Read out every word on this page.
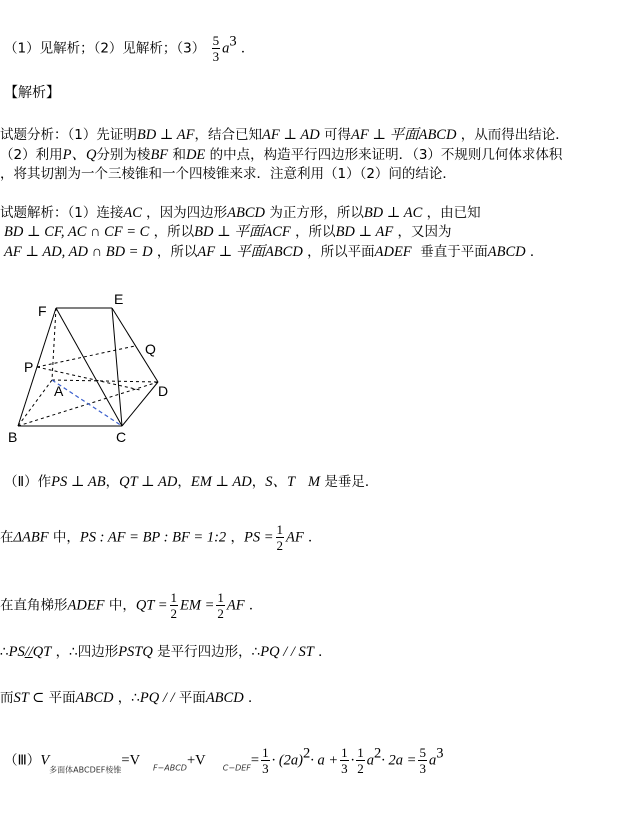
（1）见解析；（2）见解析；$(3) \frac{5}{3} a^3$ ．
【解析】
试题分析：（1）先证明BD ⊥ AF，结合已知AF ⊥ AD 可得AF ⊥ 平面ABCD ，从而得出结论．
（2）利用P、Q分别为棱BF 和DE 的中点，构造平行四边形来证明．（3）不规则几何体求体积
，将其切割为一个三棱锥和一个四棱锥来求．注意利用（1）（2）问的结论．
试题解析：（1）连接AC ，因为四边形ABCD 为正方形，所以BD ⊥ AC ，由已知
BD ⊥ CF, AC ∩ CF = C ，所以BD ⊥ 平面ACF ，所以BD ⊥ AF ，又因为
AF ⊥ AD, AD ∩ BD = D ，所以AF ⊥ 平面ABCD ，所以平面ADEF 垂直于平面ABCD ．
F
E
P
Q
A	D
B	C
（Ⅱ）作PS ⊥ AB，QT ⊥ AD，EM ⊥ AD，S、T M 是垂足．
在ΔABF 中，PS : AF = BP : BF = 1:2 ，PS = $\frac{1}{2}$ AF ．
在直角梯形ADEF 中，QT = $\frac{1}{2}$ EM = $\frac{1}{2}$ AF ．
∴PS//QT ，∴四边形PSTQ 是平行四边形，∴PQ / / ST ．
而ST ⊂ 平面ABCD ，∴PQ / / 平面ABCD ．
$(Ⅲ)V_{多面体ABCDEF棱锥}=V$ $_{F-ABCD}$+V $_{C-DEF}= \frac{1}{3} \cdot (2a)^2\cdot a + \frac{1}{3} \cdot \frac{1}{2} a^2\cdot 2a = \frac{5}{3} a^3$
